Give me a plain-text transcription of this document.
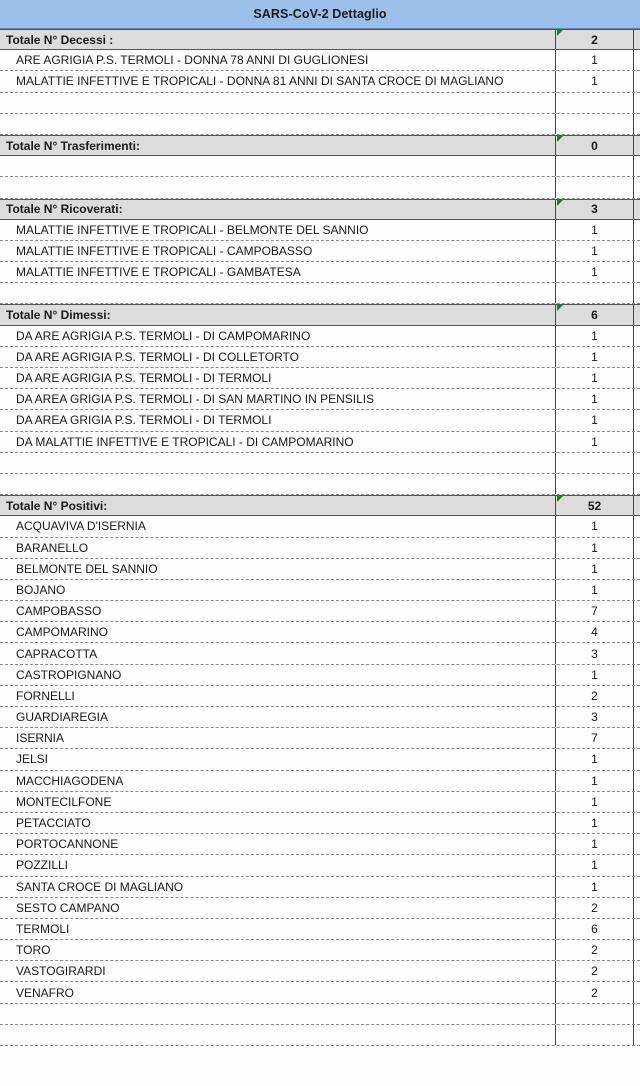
SARS-CoV-2 Dettaglio
Totale N° Decessi :	2
ARE AGRIGIA P.S. TERMOLI - DONNA 78 ANNI DI GUGLIONESI	1
MALATTIE INFETTIVE E TROPICALI - DONNA 81 ANNI DI SANTA CROCE DI MAGLIANO	1
Totale N° Trasferimenti:	0
Totale N° Ricoverati:	3
MALATTIE INFETTIVE E TROPICALI - BELMONTE DEL SANNIO	1
MALATTIE INFETTIVE E TROPICALI - CAMPOBASSO	1
MALATTIE INFETTIVE E TROPICALI - GAMBATESA	1
Totale N° Dimessi:	6
DA ARE AGRIGIA P.S. TERMOLI - DI CAMPOMARINO	1
DA ARE AGRIGIA P.S. TERMOLI - DI COLLETORTO	1
DA ARE AGRIGIA P.S. TERMOLI - DI TERMOLI	1
DA AREA GRIGIA P.S. TERMOLI - DI SAN MARTINO IN PENSILIS	1
DA AREA GRIGIA P.S. TERMOLI - DI TERMOLI	1
DA MALATTIE INFETTIVE E TROPICALI - DI CAMPOMARINO	1
Totale N° Positivi:	52
ACQUAVIVA D'ISERNIA	1
BARANELLO	1
BELMONTE DEL SANNIO	1
BOJANO	1
CAMPOBASSO	7
CAMPOMARINO	4
CAPRACOTTA	3
CASTROPIGNANO	1
FORNELLI	2
GUARDIAREGIA	3
ISERNIA	7
JELSI	1
MACCHIAGODENA	1
MONTECILFONE	1
PETACCIATO	1
PORTOCANNONE	1
POZZILLI	1
SANTA CROCE DI MAGLIANO	1
SESTO CAMPANO	2
TERMOLI	6
TORO	2
VASTOGIRARDI	2
VENAFRO	2
